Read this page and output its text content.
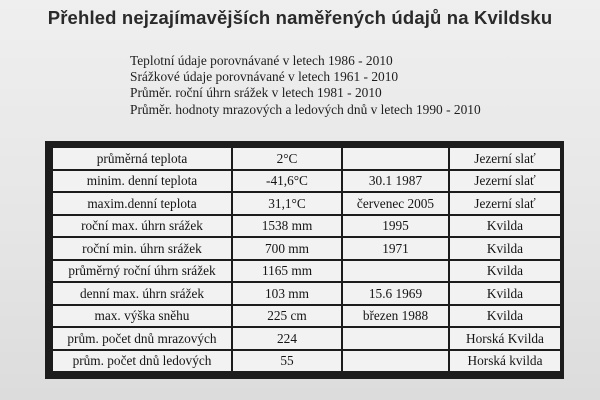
Přehled nejzajímavějších naměřených údajů na Kvildsku
Teplotní údaje porovnávané v letech 1986 - 2010
Srážkové údaje porovnávané v letech 1961 - 2010
Průměr. roční úhrn srážek v letech 1981 - 2010
Průměr. hodnoty mrazových a ledových dnů v letech 1990 - 2010
průměrná teplota	2°C		Jezerní slať
minim. denní teplota	-41,6°C	30.1 1987	Jezerní slať
maxim.denní teplota	31,1°C	červenec 2005	Jezerní slať
roční max. úhrn srážek	1538 mm	1995	Kvilda
roční min. úhrn srážek	700 mm	1971	Kvilda
průměrný roční úhrn srážek	1165 mm		Kvilda
denní max. úhrn srážek	103 mm	15.6 1969	Kvilda
max. výška sněhu	225 cm	březen 1988	Kvilda
prům. počet dnů mrazových	224		Horská Kvilda
prům. počet dnů ledových	55		Horská kvilda
